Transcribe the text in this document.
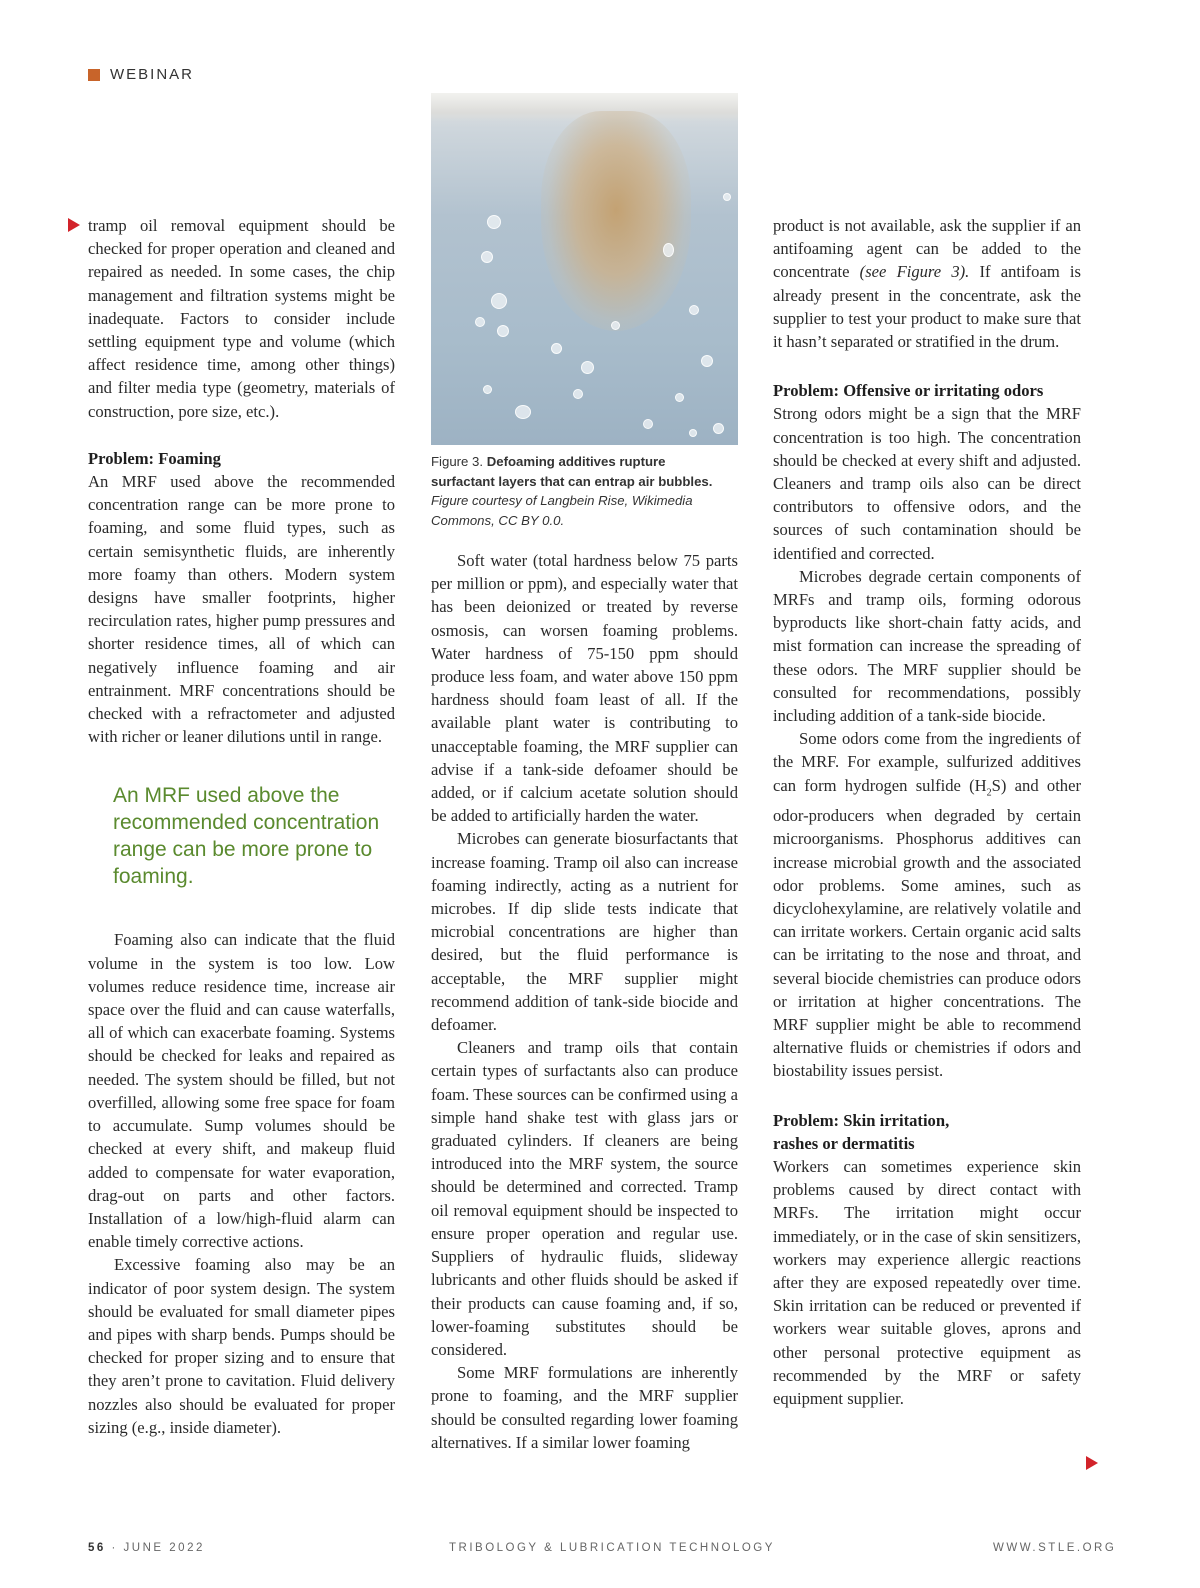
WEBINAR
Figure 3. Defoaming additives rupture surfactant layers that can entrap air bubbles. Figure courtesy of Langbein Rise, Wikimedia Commons, CC BY 0.0.

tramp oil removal equipment should be checked for proper operation and cleaned and repaired as needed. In some cases, the chip management and filtration systems might be inadequate. Factors to consider include settling equipment type and volume (which affect residence time, among other things) and filter media type (geometry, materials of construction, pore size, etc.).

Problem: Foaming

An MRF used above the recommended concentration range can be more prone to foaming, and some fluid types, such as certain semisynthetic fluids, are inherently more foamy than others. Modern system designs have smaller footprints, higher recirculation rates, higher pump pressures and shorter residence times, all of which can negatively influence foaming and air entrainment. MRF concentrations should be checked with a refractometer and adjusted with richer or leaner dilutions until in range.

An MRF used above the recommended concentration range can be more prone to foaming.

Foaming also can indicate that the fluid volume in the system is too low. Low volumes reduce residence time, increase air space over the fluid and can cause waterfalls, all of which can exacerbate foaming. Systems should be checked for leaks and repaired as needed. The system should be filled, but not overfilled, allowing some free space for foam to accumulate. Sump volumes should be checked at every shift, and makeup fluid added to compensate for water evaporation, drag-out on parts and other factors. Installation of a low/high-fluid alarm can enable timely corrective actions.

Excessive foaming also may be an indicator of poor system design. The system should be evaluated for small diameter pipes and pipes with sharp bends. Pumps should be checked for proper sizing and to ensure that they aren’t prone to cavitation. Fluid delivery nozzles also should be evaluated for proper sizing (e.g., inside diameter).

Soft water (total hardness below 75 parts per million or ppm), and especially water that has been deionized or treated by reverse osmosis, can worsen foaming problems. Water hardness of 75-150 ppm should produce less foam, and water above 150 ppm hardness should foam least of all. If the available plant water is contributing to unacceptable foaming, the MRF supplier can advise if a tank-side defoamer should be added, or if calcium acetate solution should be added to artificially harden the water.

Microbes can generate biosurfactants that increase foaming. Tramp oil also can increase foaming indirectly, acting as a nutrient for microbes. If dip slide tests indicate that microbial concentrations are higher than desired, but the fluid performance is acceptable, the MRF supplier might recommend addition of tank-side biocide and defoamer.

Cleaners and tramp oils that contain certain types of surfactants also can produce foam. These sources can be confirmed using a simple hand shake test with glass jars or graduated cylinders. If cleaners are being introduced into the MRF system, the source should be determined and corrected. Tramp oil removal equipment should be inspected to ensure proper operation and regular use. Suppliers of hydraulic fluids, slideway lubricants and other fluids should be asked if their products can cause foaming and, if so, lower-foaming substitutes should be considered.

Some MRF formulations are inherently prone to foaming, and the MRF supplier should be consulted regarding lower foaming alternatives. If a similar lower foaming

product is not available, ask the supplier if an antifoaming agent can be added to the concentrate (see Figure 3). If antifoam is already present in the concentrate, ask the supplier to test your product to make sure that it hasn’t separated or stratified in the drum.

Problem: Offensive or irritating odors

Strong odors might be a sign that the MRF concentration is too high. The concentration should be checked at every shift and adjusted. Cleaners and tramp oils also can be direct contributors to offensive odors, and the sources of such contamination should be identified and corrected.

Microbes degrade certain components of MRFs and tramp oils, forming odorous byproducts like short-chain fatty acids, and mist formation can increase the spreading of these odors. The MRF supplier should be consulted for recommendations, possibly including addition of a tank-side biocide.

Some odors come from the ingredients of the MRF. For example, sulfurized additives can form hydrogen sulfide $(H_2S)$ and other odor-producers when degraded by certain microorganisms. Phosphorus additives can increase microbial growth and the associated odor problems. Some amines, such as dicyclohexylamine, are relatively volatile and can irritate workers. Certain organic acid salts can be irritating to the nose and throat, and several biocide chemistries can produce odors or irritation at higher concentrations. The MRF supplier might be able to recommend alternative fluids or chemistries if odors and biostability issues persist.

Problem: Skin irritation,
rashes or dermatitis

Workers can sometimes experience skin problems caused by direct contact with MRFs. The irritation might occur immediately, or in the case of skin sensitizers, workers may experience allergic reactions after they are exposed repeatedly over time. Skin irritation can be reduced or prevented if workers wear suitable gloves, aprons and other personal protective equipment as recommended by the MRF or safety equipment supplier.

56 · JUNE 2022	TRIBOLOGY & LUBRICATION TECHNOLOGY	WWW.STLE.ORG
